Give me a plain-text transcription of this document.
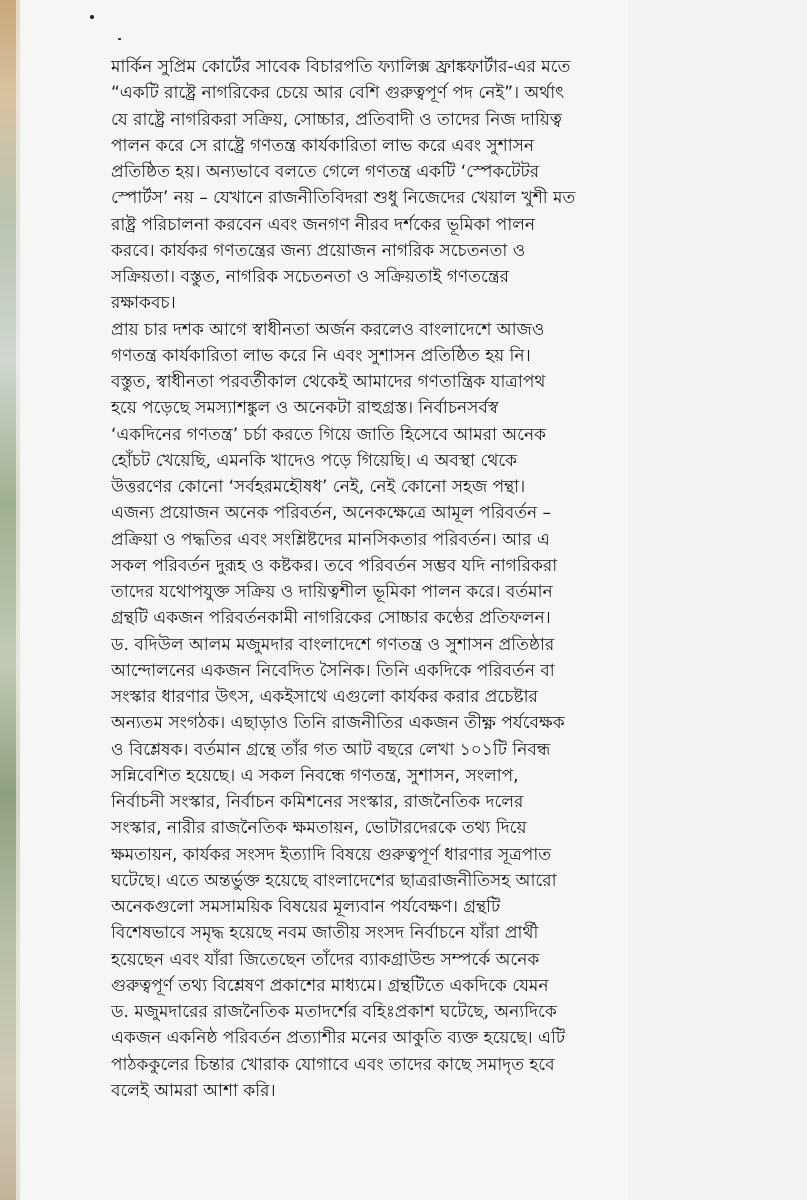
মার্কিন সুপ্রিম কোর্টের সাবেক বিচারপতি ফ্যালিক্স ফ্রাঙ্কফার্টার-এর মতে
“একটি রাষ্ট্রে নাগরিকের চেয়ে আর বেশি গুরুত্বপূর্ণ পদ নেই”। অর্থাৎ
যে রাষ্ট্রে নাগরিকরা সক্রিয়, সোচ্চার, প্রতিবাদী ও তাদের নিজ দায়িত্ব
পালন করে সে রাষ্ট্রে গণতন্ত্র কার্যকারিতা লাভ করে এবং সুশাসন
প্রতিষ্ঠিত হয়। অন্যভাবে বলতে গেলে গণতন্ত্র একটি ‘স্পেকটেটর
স্পোর্টস’ নয় – যেখানে রাজনীতিবিদরা শুধু নিজেদের খেয়াল খুশী মত
রাষ্ট্র পরিচালনা করবেন এবং জনগণ নীরব দর্শকের ভূমিকা পালন
করবে। কার্যকর গণতন্ত্রের জন্য প্রয়োজন নাগরিক সচেতনতা ও
সক্রিয়তা। বস্তুত, নাগরিক সচেতনতা ও সক্রিয়তাই গণতন্ত্রের
রক্ষাকবচ।
প্রায় চার দশক আগে স্বাধীনতা অর্জন করলেও বাংলাদেশে আজও
গণতন্ত্র কার্যকারিতা লাভ করে নি এবং সুশাসন প্রতিষ্ঠিত হয় নি।
বস্তুত, স্বাধীনতা পরবর্তীকাল থেকেই আমাদের গণতান্ত্রিক যাত্রাপথ
হয়ে পড়েছে সমস্যাশঙ্কুল ও অনেকটা রাহুগ্রস্ত। নির্বাচনসর্বস্ব
‘একদিনের গণতন্ত্র’ চর্চা করতে গিয়ে জাতি হিসেবে আমরা অনেক
হোঁচট খেয়েছি, এমনকি খাদেও পড়ে গিয়েছি। এ অবস্থা থেকে
উত্তরণের কোনো ‘সর্বহরমহৌষধ’ নেই, নেই কোনো সহজ পন্থা।
এজন্য প্রয়োজন অনেক পরিবর্তন, অনেকক্ষেত্রে আমূল পরিবর্তন –
প্রক্রিয়া ও পদ্ধতির এবং সংশ্লিষ্টদের মানসিকতার পরিবর্তন। আর এ
সকল পরিবর্তন দুরূহ ও কষ্টকর। তবে পরিবর্তন সম্ভব যদি নাগরিকরা
তাদের যথোপযুক্ত সক্রিয় ও দায়িত্বশীল ভূমিকা পালন করে। বর্তমান
গ্রন্থটি একজন পরিবর্তনকামী নাগরিকের সোচ্চার কণ্ঠের প্রতিফলন।
ড. বদিউল আলম মজুমদার বাংলাদেশে গণতন্ত্র ও সুশাসন প্রতিষ্ঠার
আন্দোলনের একজন নিবেদিত সৈনিক। তিনি একদিকে পরিবর্তন বা
সংস্কার ধারণার উৎস, একইসাথে এগুলো কার্যকর করার প্রচেষ্টার
অন্যতম সংগঠক। এছাড়াও তিনি রাজনীতির একজন তীক্ষ্ণ পর্যবেক্ষক
ও বিশ্লেষক। বর্তমান গ্রন্থে তাঁর গত আট বছরে লেখা ১০১টি নিবন্ধ
সন্নিবেশিত হয়েছে। এ সকল নিবন্ধে গণতন্ত্র, সুশাসন, সংলাপ,
নির্বাচনী সংস্কার, নির্বাচন কমিশনের সংস্কার, রাজনৈতিক দলের
সংস্কার, নারীর রাজনৈতিক ক্ষমতায়ন, ভোটারদেরকে তথ্য দিয়ে
ক্ষমতায়ন, কার্যকর সংসদ ইত্যাদি বিষয়ে গুরুত্বপূর্ণ ধারণার সূত্রপাত
ঘটেছে। এতে অন্তর্ভুক্ত হয়েছে বাংলাদেশের ছাত্ররাজনীতিসহ আরো
অনেকগুলো সমসাময়িক বিষয়ের মূল্যবান পর্যবেক্ষণ। গ্রন্থটি
বিশেষভাবে সমৃদ্ধ হয়েছে নবম জাতীয় সংসদ নির্বাচনে যাঁরা প্রার্থী
হয়েছেন এবং যাঁরা জিতেছেন তাঁদের ব্যাকগ্রাউন্ড সম্পর্কে অনেক
গুরুত্বপূর্ণ তথ্য বিশ্লেষণ প্রকাশের মাধ্যমে। গ্রন্থটিতে একদিকে যেমন
ড. মজুমদারের রাজনৈতিক মতাদর্শের বহিঃপ্রকাশ ঘটেছে, অন্যদিকে
একজন একনিষ্ঠ পরিবর্তন প্রত্যাশীর মনের আকুতি ব্যক্ত হয়েছে। এটি
পাঠককুলের চিন্তার খোরাক যোগাবে এবং তাদের কাছে সমাদৃত হবে
বলেই আমরা আশা করি।
